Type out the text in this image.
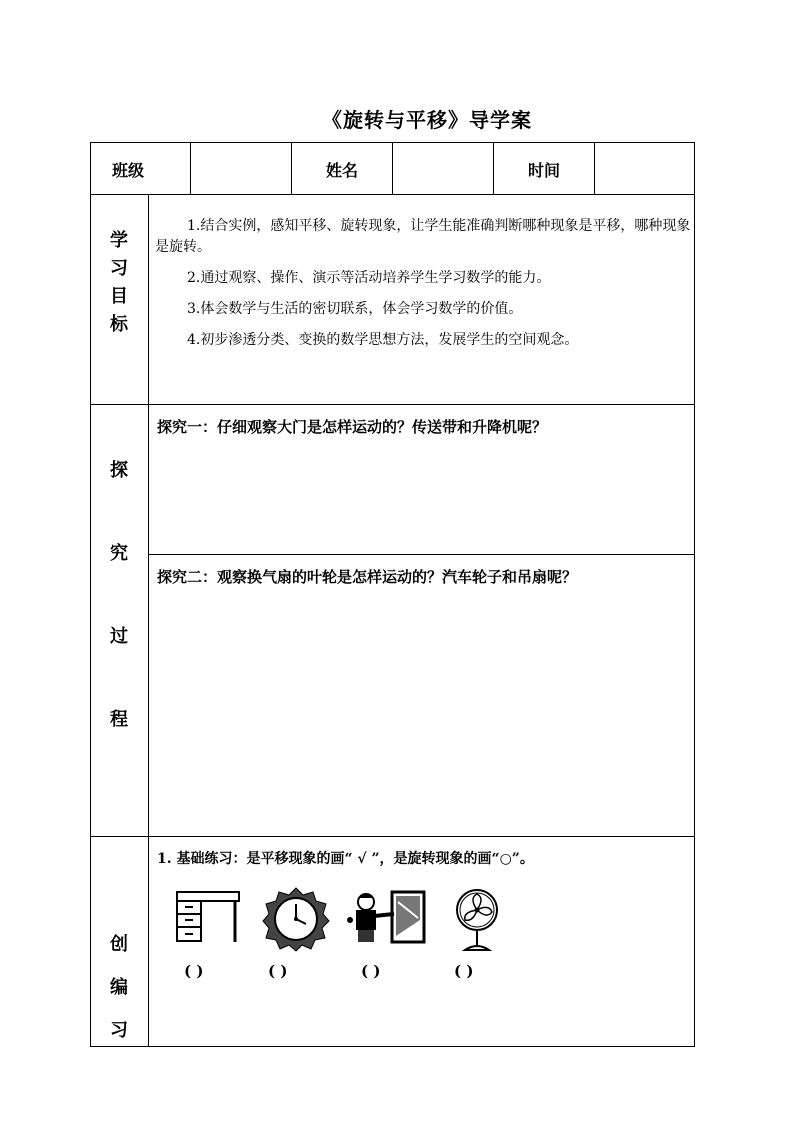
《旋转与平移》导学案
班级	姓名	时间
学
习
目
标

1.结合实例，感知平移、旋转现象，让学生能准确判断哪种现象是平移，哪种现象是旋转。

2.通过观察、操作、演示等活动培养学生学习数学的能力。

3.体会数学与生活的密切联系，体会学习数学的价值。

4.初步渗透分类、变换的数学思想方法，发展学生的空间观念。

探
究
过
程
探究一：仔细观察大门是怎样运动的？传送带和升降机呢？
探究二：观察换气扇的叶轮是怎样运动的？汽车轮子和吊扇呢？
创
编
习
1. 基础练习：是平移现象的画“ √ ”，是旋转现象的画“○”。
( )	( )	( )	( )
